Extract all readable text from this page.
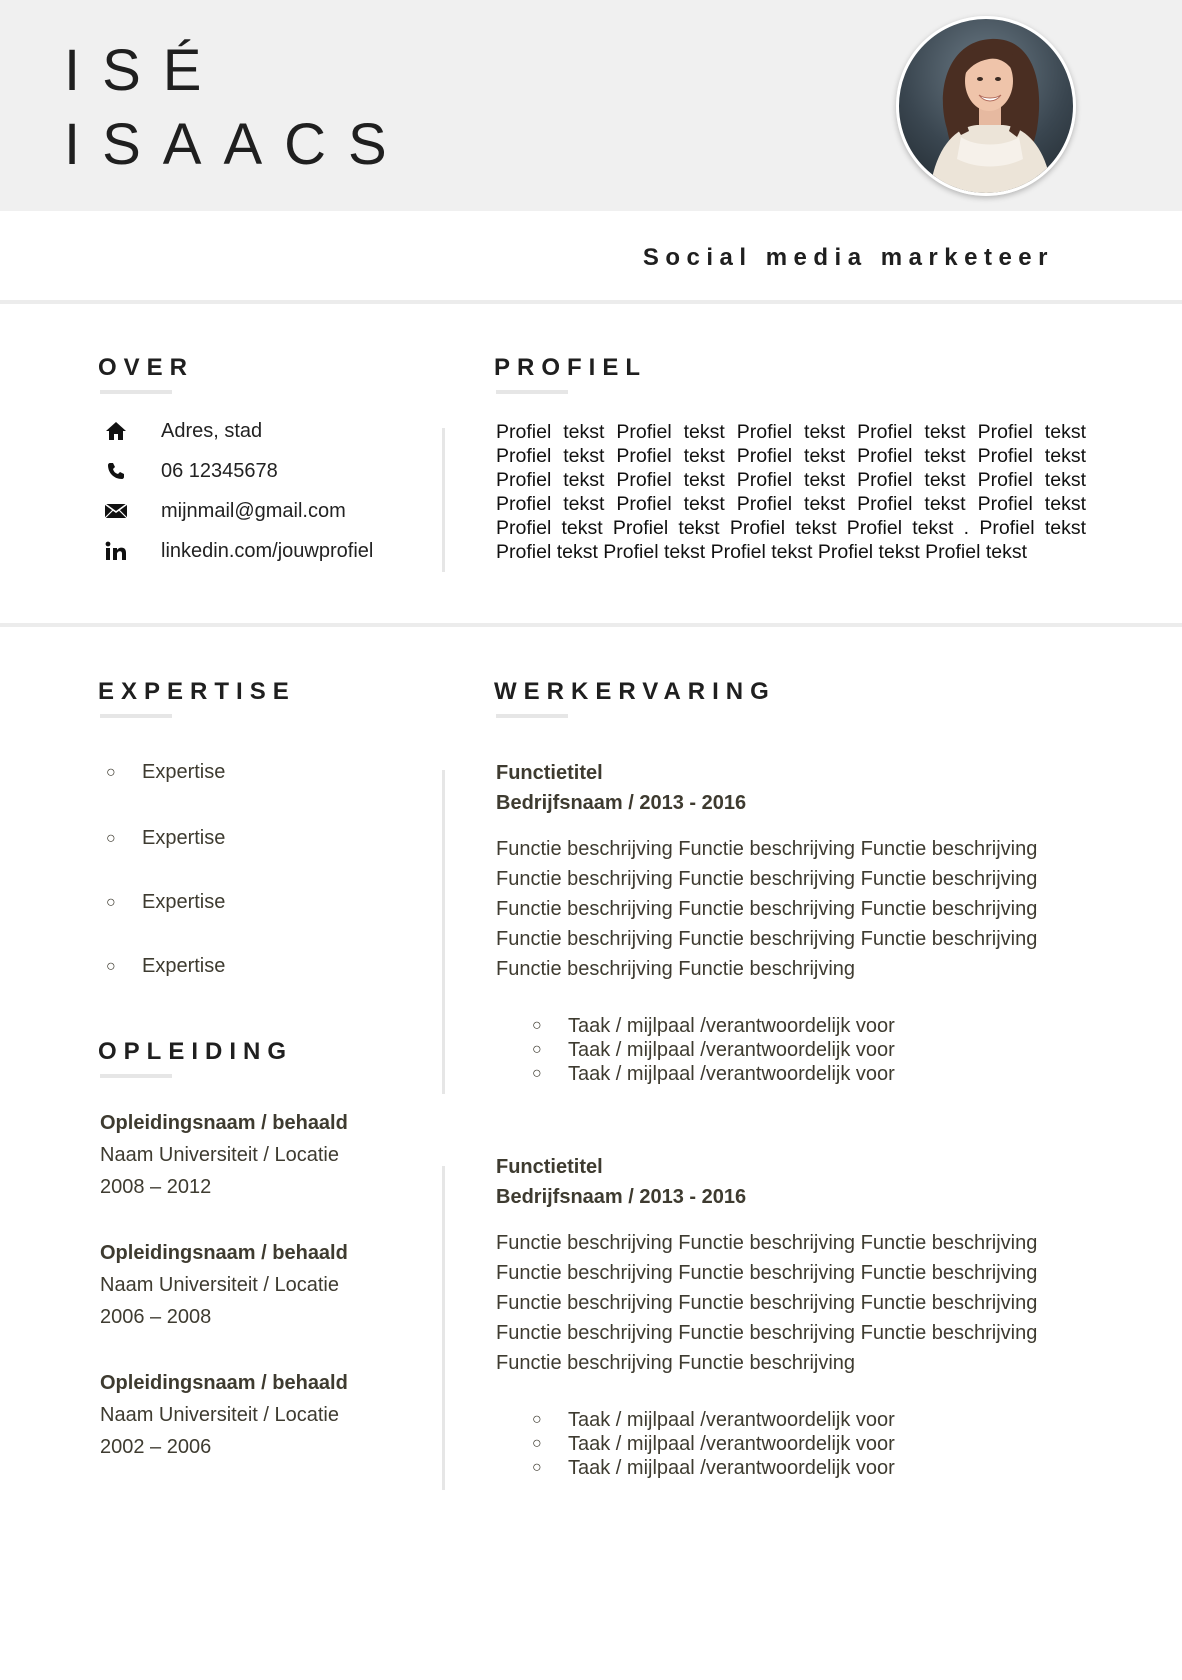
ISÉ
ISAACS
Social media marketeer
OVER
Adres, stad
06 12345678
mijnmail@gmail.com
linkedin.com/jouwprofiel
PROFIEL
Profiel tekst Profiel tekst Profiel tekst Profiel tekst Profiel tekst Profiel tekst Profiel tekst Profiel tekst Profiel tekst Profiel tekst Profiel tekst Profiel tekst Profiel tekst Profiel tekst Profiel tekst Profiel tekst Profiel tekst Profiel tekst Profiel tekst Profiel tekst Profiel tekst Profiel tekst Profiel tekst Profiel tekst . Profiel tekst Profiel tekst Profiel tekst Profiel tekst Profiel tekst Profiel tekst
EXPERTISE
○	Expertise
○	Expertise
○	Expertise
○	Expertise
OPLEIDING
Opleidingsnaam / behaald
Naam Universiteit / Locatie
2008 – 2012
Opleidingsnaam / behaald
Naam Universiteit / Locatie
2006 – 2008
Opleidingsnaam / behaald
Naam Universiteit / Locatie
2002 – 2006
WERKERVARING
Functietitel
Bedrijfsnaam / 2013 - 2016
Functie beschrijving Functie beschrijving Functie beschrijving Functie beschrijving Functie beschrijving Functie beschrijving Functie beschrijving Functie beschrijving Functie beschrijving Functie beschrijving Functie beschrijving Functie beschrijving Functie beschrijving Functie beschrijving
○	Taak / mijlpaal /verantwoordelijk voor
○	Taak / mijlpaal /verantwoordelijk voor
○	Taak / mijlpaal /verantwoordelijk voor
Functietitel
Bedrijfsnaam / 2013 - 2016
Functie beschrijving Functie beschrijving Functie beschrijving Functie beschrijving Functie beschrijving Functie beschrijving Functie beschrijving Functie beschrijving Functie beschrijving Functie beschrijving Functie beschrijving Functie beschrijving Functie beschrijving Functie beschrijving
○	Taak / mijlpaal /verantwoordelijk voor
○	Taak / mijlpaal /verantwoordelijk voor
○	Taak / mijlpaal /verantwoordelijk voor
